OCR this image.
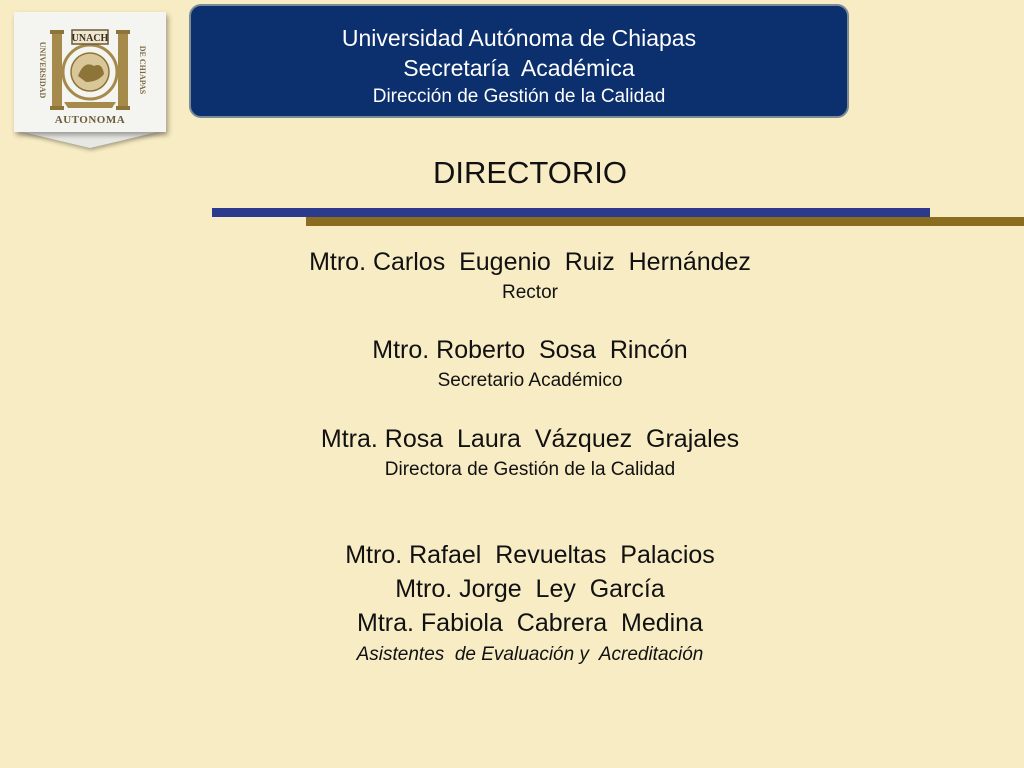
UNIVERSIDAD	DE CHIAPAS
UNACH
AUTONOMA
Universidad Autónoma de Chiapas
Secretaría  Académica
Dirección de Gestión de la Calidad
DIRECTORIO
Mtro. Carlos  Eugenio  Ruiz  Hernández
Rector
Mtro. Roberto  Sosa  Rincón
Secretario Académico
Mtra. Rosa  Laura  Vázquez  Grajales
Directora de Gestión de la Calidad
Mtro. Rafael  Revueltas  Palacios
Mtro. Jorge  Ley  García
Mtra. Fabiola  Cabrera  Medina
Asistentes  de Evaluación y  Acreditación
